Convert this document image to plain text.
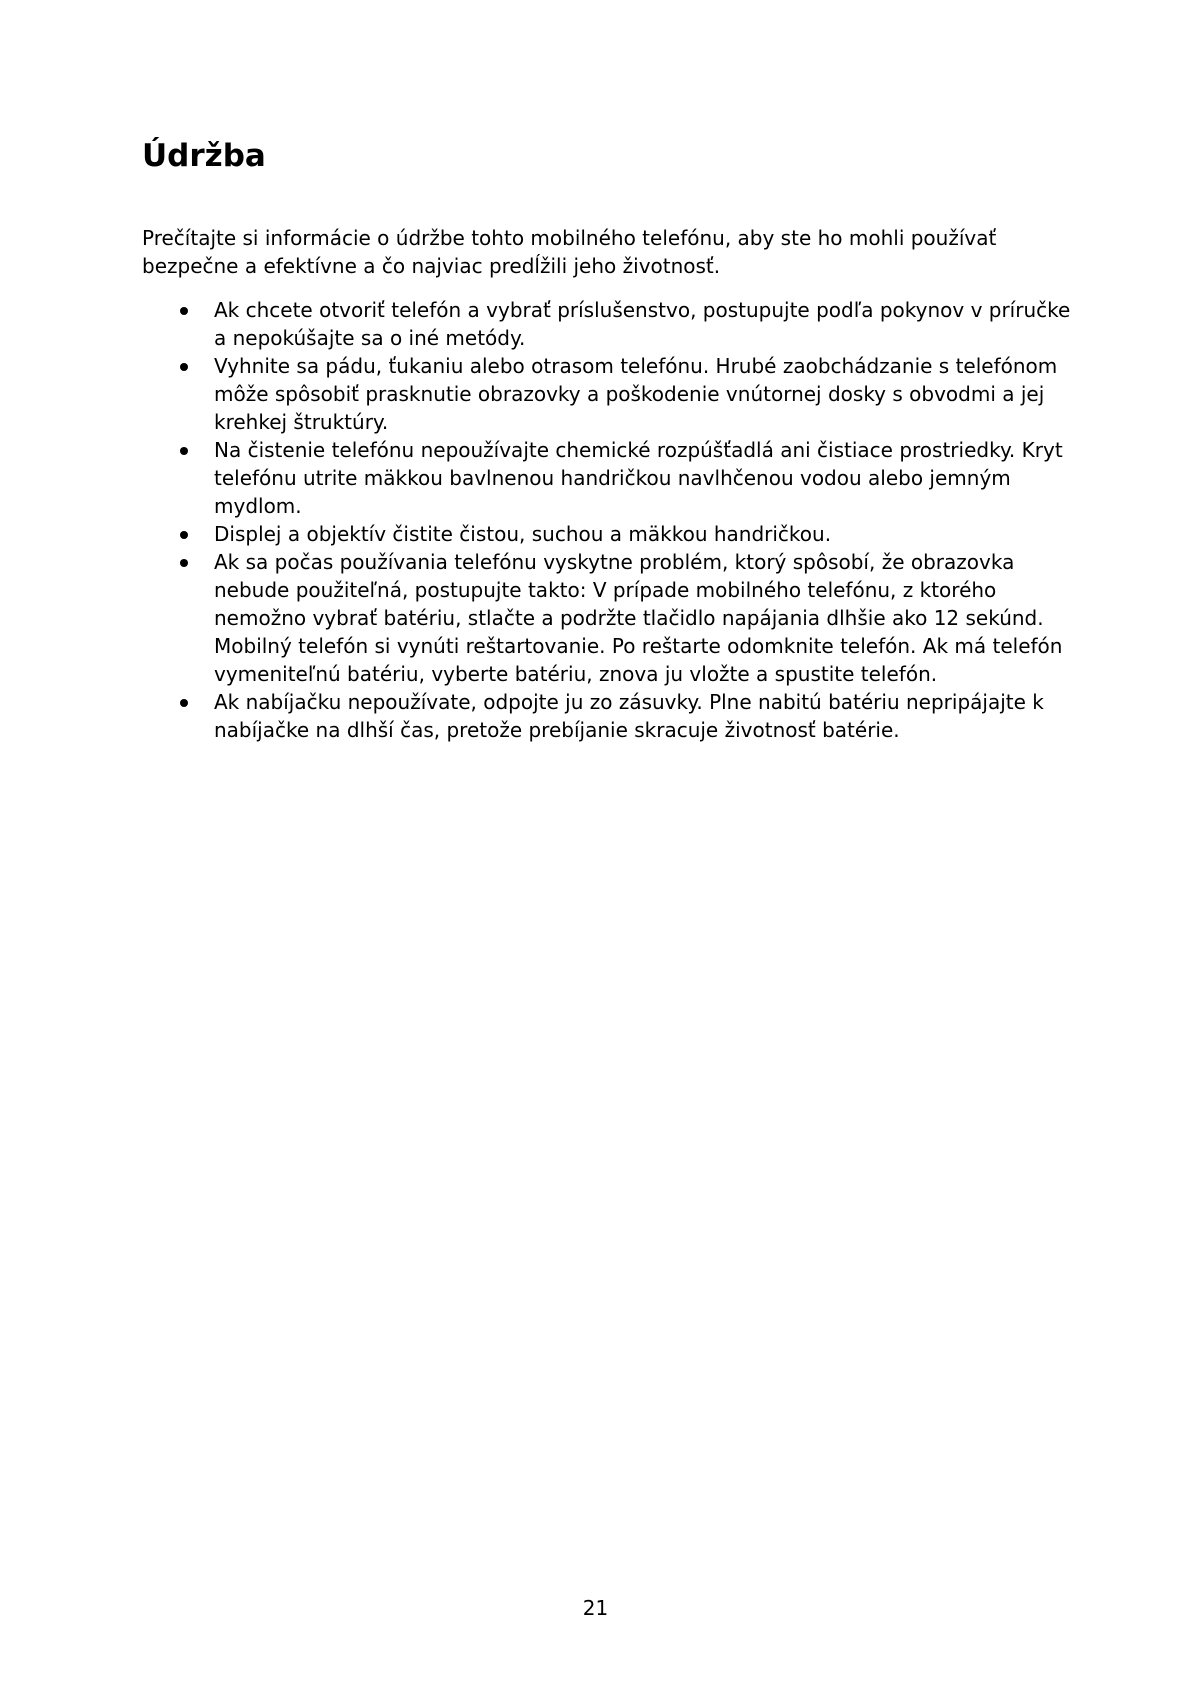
Údržba

Prečítajte si informácie o údržbe tohto mobilného telefónu, aby ste ho mohli používať bezpečne a efektívne a čo najviac predĺžili jeho životnosť.

Ak chcete otvoriť telefón a vybrať príslušenstvo, postupujte podľa pokynov v príručke a nepokúšajte sa o iné metódy.
Vyhnite sa pádu, ťukaniu alebo otrasom telefónu. Hrubé zaobchádzanie s telefónom môže spôsobiť prasknutie obrazovky a poškodenie vnútornej dosky s obvodmi a jej krehkej štruktúry.
Na čistenie telefónu nepoužívajte chemické rozpúšťadlá ani čistiace prostriedky. Kryt telefónu utrite mäkkou bavlnenou handričkou navlhčenou vodou alebo jemným mydlom.
Displej a objektív čistite čistou, suchou a mäkkou handričkou.
Ak sa počas používania telefónu vyskytne problém, ktorý spôsobí, že obrazovka nebude použiteľná, postupujte takto: V prípade mobilného telefónu, z ktorého nemožno vybrať batériu, stlačte a podržte tlačidlo napájania dlhšie ako 12 sekúnd. Mobilný telefón si vynúti reštartovanie. Po reštarte odomknite telefón. Ak má telefón vymeniteľnú batériu, vyberte batériu, znova ju vložte a spustite telefón.
Ak nabíjačku nepoužívate, odpojte ju zo zásuvky. Plne nabitú batériu nepripájajte k nabíjačke na dlhší čas, pretože prebíjanie skracuje životnosť batérie.
21
